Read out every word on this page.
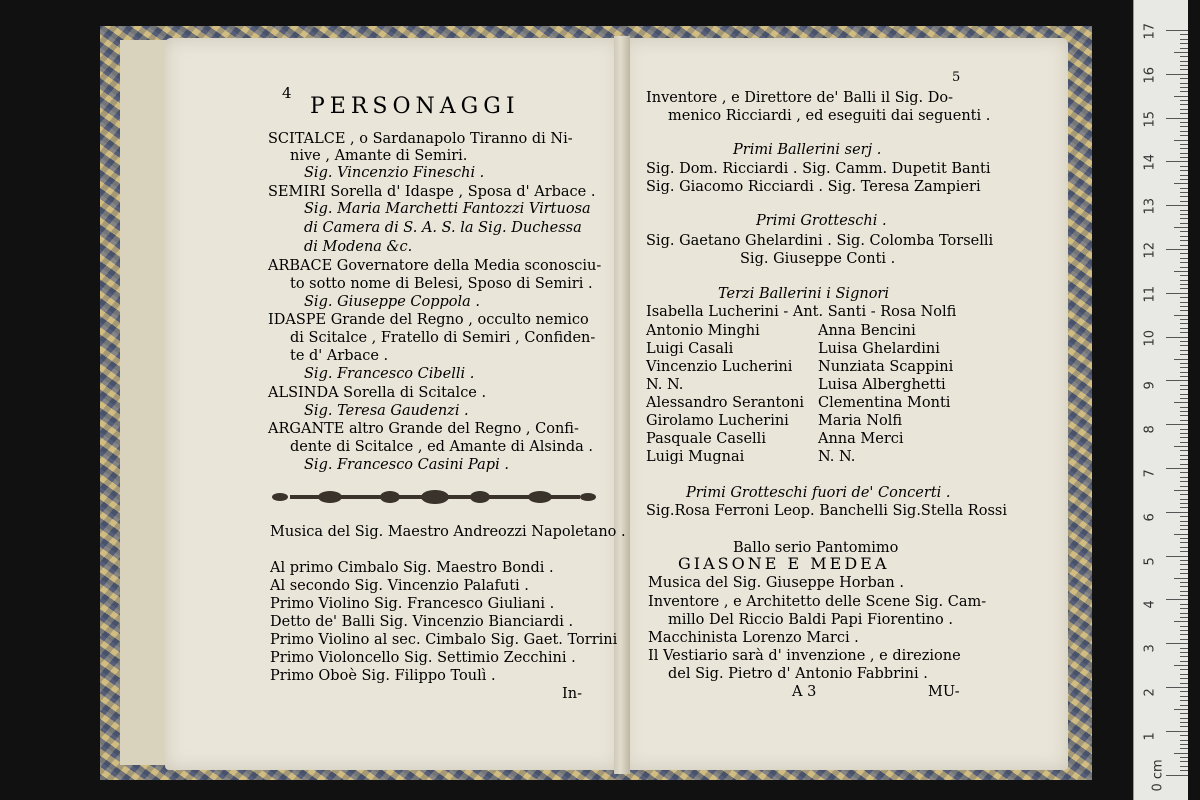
4
PERSONAGGI
SCITALCE , o Sardanapolo Tiranno di Ni-
nive , Amante di Semiri.
Sig. Vincenzio Fineschi .
SEMIRI Sorella d' Idaspe , Sposa d' Arbace .
Sig. Maria Marchetti Fantozzi Virtuosa
di Camera di S. A. S. la Sig. Duchessa
di Modena &c.
ARBACE Governatore della Media sconosciu-
to sotto nome di Belesi, Sposo di Semiri .
Sig. Giuseppe Coppola .
IDASPE Grande del Regno , occulto nemico
di Scitalce , Fratello di Semiri , Confiden-
te d' Arbace .
Sig. Francesco Cibelli .
ALSINDA Sorella di Scitalce .
Sig. Teresa Gaudenzi .
ARGANTE altro Grande del Regno , Confi-
dente di Scitalce , ed Amante di Alsinda .
Sig. Francesco Casini Papi .
Musica del Sig. Maestro Andreozzi Napoletano .
Al primo Cimbalo Sig. Maestro Bondi .
Al secondo Sig. Vincenzio Palafuti .
Primo Violino Sig. Francesco Giuliani .
Detto de' Balli Sig. Vincenzio Bianciardi .
Primo Violino al sec. Cimbalo Sig. Gaet. Torrini
Primo Violoncello Sig. Settimio Zecchini .
Primo Oboè Sig. Filippo Toulì .
In-
5
Inventore , e Direttore de' Balli il Sig. Do-
menico Ricciardi , ed eseguiti dai seguenti .
Primi Ballerini serj .
Sig. Dom. Ricciardi . Sig. Camm. Dupetit Banti
Sig. Giacomo Ricciardi . Sig. Teresa Zampieri
Primi Grotteschi .
Sig. Gaetano Ghelardini . Sig. Colomba Torselli
Sig. Giuseppe Conti .
Terzi Ballerini i Signori
Isabella Lucherini - Ant. Santi - Rosa Nolfi
Antonio Minghi
Luigi Casali
Vincenzio Lucherini
N. N.
Alessandro Serantoni
Girolamo Lucherini
Pasquale Caselli
Luigi Mugnai
Anna Bencini
Luisa Ghelardini
Nunziata Scappini
Luisa Alberghetti
Clementina Monti
Maria Nolfi
Anna Merci
N. N.
Primi Grotteschi fuori de' Concerti .
Sig.Rosa Ferroni Leop. Banchelli Sig.Stella Rossi
Ballo serio Pantomimo
GIASONE E MEDEA
Musica del Sig. Giuseppe Horban .
Inventore , e Architetto delle Scene Sig. Cam-
millo Del Riccio Baldi Papi Fiorentino .
Macchinista Lorenzo Marci .
Il Vestiario sarà d' invenzione , e direzione
del Sig. Pietro d' Antonio Fabbrini .
A 3	MU-
17
16
15
14
13
12
11
10
9
8
7
6
5
4
3
2
1
0 cm
